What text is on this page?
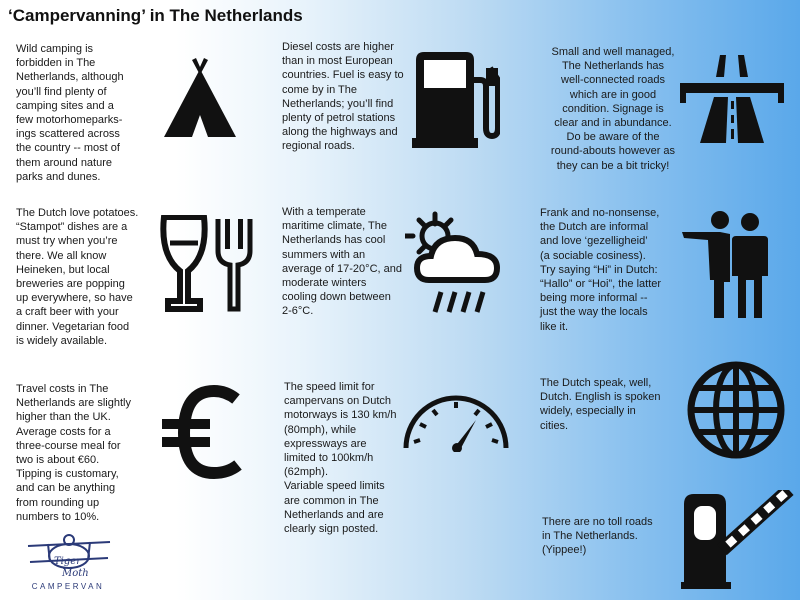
‘Campervanning’ in The Netherlands
Wild camping is
forbidden in The
Netherlands, although
you’ll find plenty of
camping sites and a
few motorhomeparks-
ings scattered across
the country -- most of
them around nature
parks and dunes.
Diesel costs are higher
than in most European
countries. Fuel is easy to
come by in The
Netherlands; you’ll find
plenty of petrol stations
along the highways and
regional roads.
Small and well managed,
The Netherlands has
well-connected roads
which are in good
condition. Signage is
clear and in abundance.
Do be aware of the
round-abouts however as
they can be a bit tricky!
The Dutch love potatoes.
“Stampot” dishes are a
must try when you’re
there. We all know
Heineken, but local
breweries are popping
up everywhere, so have
a craft beer with your
dinner. Vegetarian food
is widely available.
With a temperate
maritime climate, The
Netherlands has cool
summers with an
average of 17-20°C, and
moderate winters
cooling down between
2-6°C.
Frank and no-nonsense,
the Dutch are informal
and love ‘gezelligheid’
(a sociable cosiness).
Try saying “Hi” in Dutch:
“Hallo” or “Hoi”, the latter
being more informal --
just the way the locals
like it.
Travel costs in The
Netherlands are slightly
higher than the UK.
Average costs for a
three-course meal for
two is about €60.
Tipping is customary,
and can be anything
from rounding up
numbers to 10%.
The speed limit for
campervans on Dutch
motorways is 130 km/h
(80mph), while
expressways are
limited to 100km/h
(62mph).
Variable speed limits
are common in The
Netherlands and are
clearly sign posted.
The Dutch speak, well,
Dutch. English is spoken
widely, especially in
cities.
There are no toll roads
in The Netherlands.
(Yippee!)
Tiger
Moth
CAMPERVAN
